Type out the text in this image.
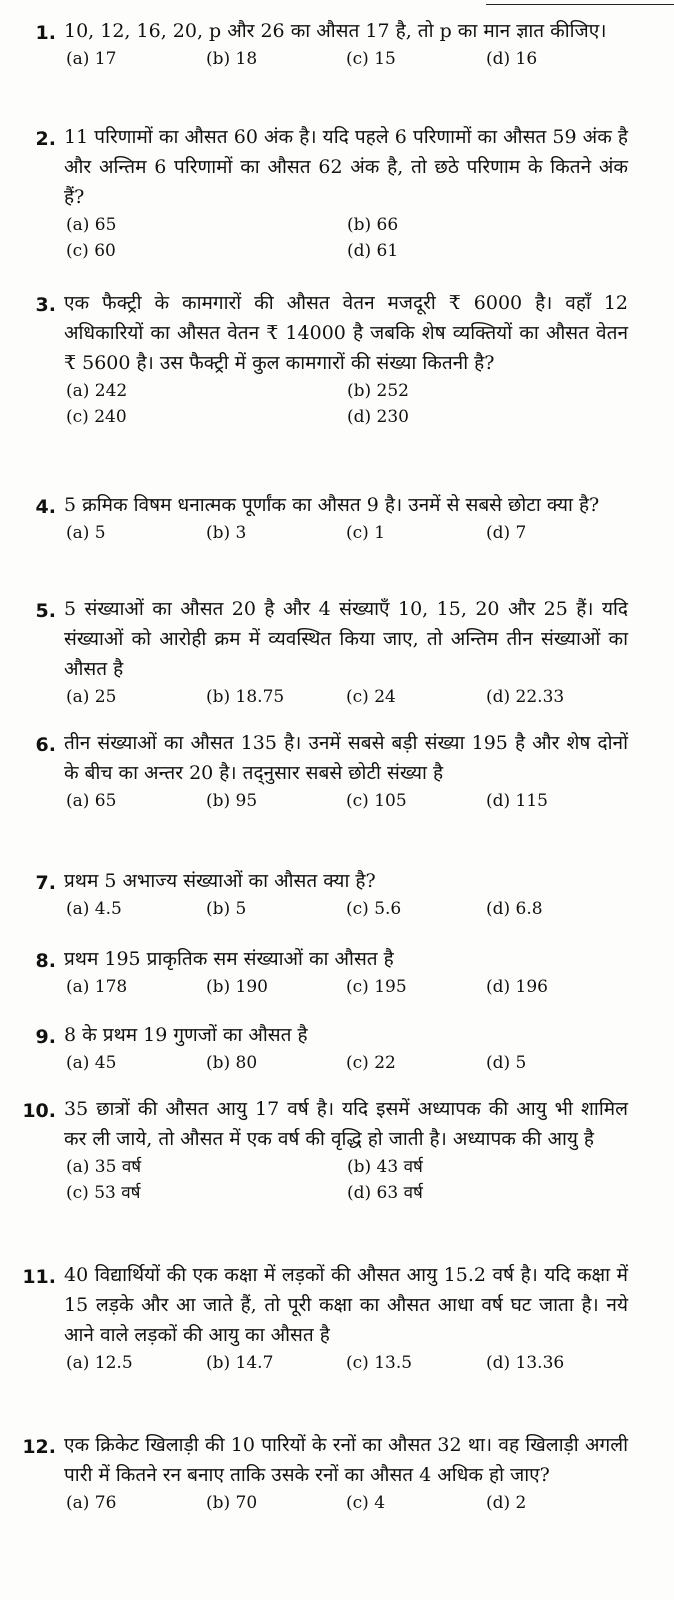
1. 10, 12, 16, 20, p और 26 का औसत 17 है, तो p का मान ज्ञात कीजिए।
(a) 17	(b) 18	(c) 15	(d) 16
2. 11 परिणामों का औसत 60 अंक है। यदि पहले 6 परिणामों का औसत 59 अंक है और अन्तिम 6 परिणामों का औसत 62 अंक है, तो छठे परिणाम के कितने अंक हैं?
(a) 65	(b) 66
(c) 60	(d) 61
3. एक फैक्ट्री के कामगारों की औसत वेतन मजदूरी ₹ 6000 है। वहाँ 12 अधिकारियों का औसत वेतन ₹ 14000 है जबकि शेष व्यक्तियों का औसत वेतन ₹ 5600 है। उस फैक्ट्री में कुल कामगारों की संख्या कितनी है?
(a) 242	(b) 252
(c) 240	(d) 230
4. 5 क्रमिक विषम धनात्मक पूर्णांक का औसत 9 है। उनमें से सबसे छोटा क्या है?
(a) 5	(b) 3	(c) 1	(d) 7
5. 5 संख्याओं का औसत 20 है और 4 संख्याएँ 10, 15, 20 और 25 हैं। यदि संख्याओं को आरोही क्रम में व्यवस्थित किया जाए, तो अन्तिम तीन संख्याओं का औसत है
(a) 25	(b) 18.75	(c) 24	(d) 22.33
6. तीन संख्याओं का औसत 135 है। उनमें सबसे बड़ी संख्या 195 है और शेष दोनों के बीच का अन्तर 20 है। तद्नुसार सबसे छोटी संख्या है
(a) 65	(b) 95	(c) 105	(d) 115
7. प्रथम 5 अभाज्य संख्याओं का औसत क्या है?
(a) 4.5	(b) 5	(c) 5.6	(d) 6.8
8. प्रथम 195 प्राकृतिक सम संख्याओं का औसत है
(a) 178	(b) 190	(c) 195	(d) 196
9. 8 के प्रथम 19 गुणजों का औसत है
(a) 45	(b) 80	(c) 22	(d) 5
10. 35 छात्रों की औसत आयु 17 वर्ष है। यदि इसमें अध्यापक की आयु भी शामिल कर ली जाये, तो औसत में एक वर्ष की वृद्धि हो जाती है। अध्यापक की आयु है
(a) 35 वर्ष	(b) 43 वर्ष
(c) 53 वर्ष	(d) 63 वर्ष
11. 40 विद्यार्थियों की एक कक्षा में लड़कों की औसत आयु 15.2 वर्ष है। यदि कक्षा में 15 लड़के और आ जाते हैं, तो पूरी कक्षा का औसत आधा वर्ष घट जाता है। नये आने वाले लड़कों की आयु का औसत है
(a) 12.5	(b) 14.7	(c) 13.5	(d) 13.36
12. एक क्रिकेट खिलाड़ी की 10 पारियों के रनों का औसत 32 था। वह खिलाड़ी अगली पारी में कितने रन बनाए ताकि उसके रनों का औसत 4 अधिक हो जाए?
(a) 76	(b) 70	(c) 4	(d) 2
